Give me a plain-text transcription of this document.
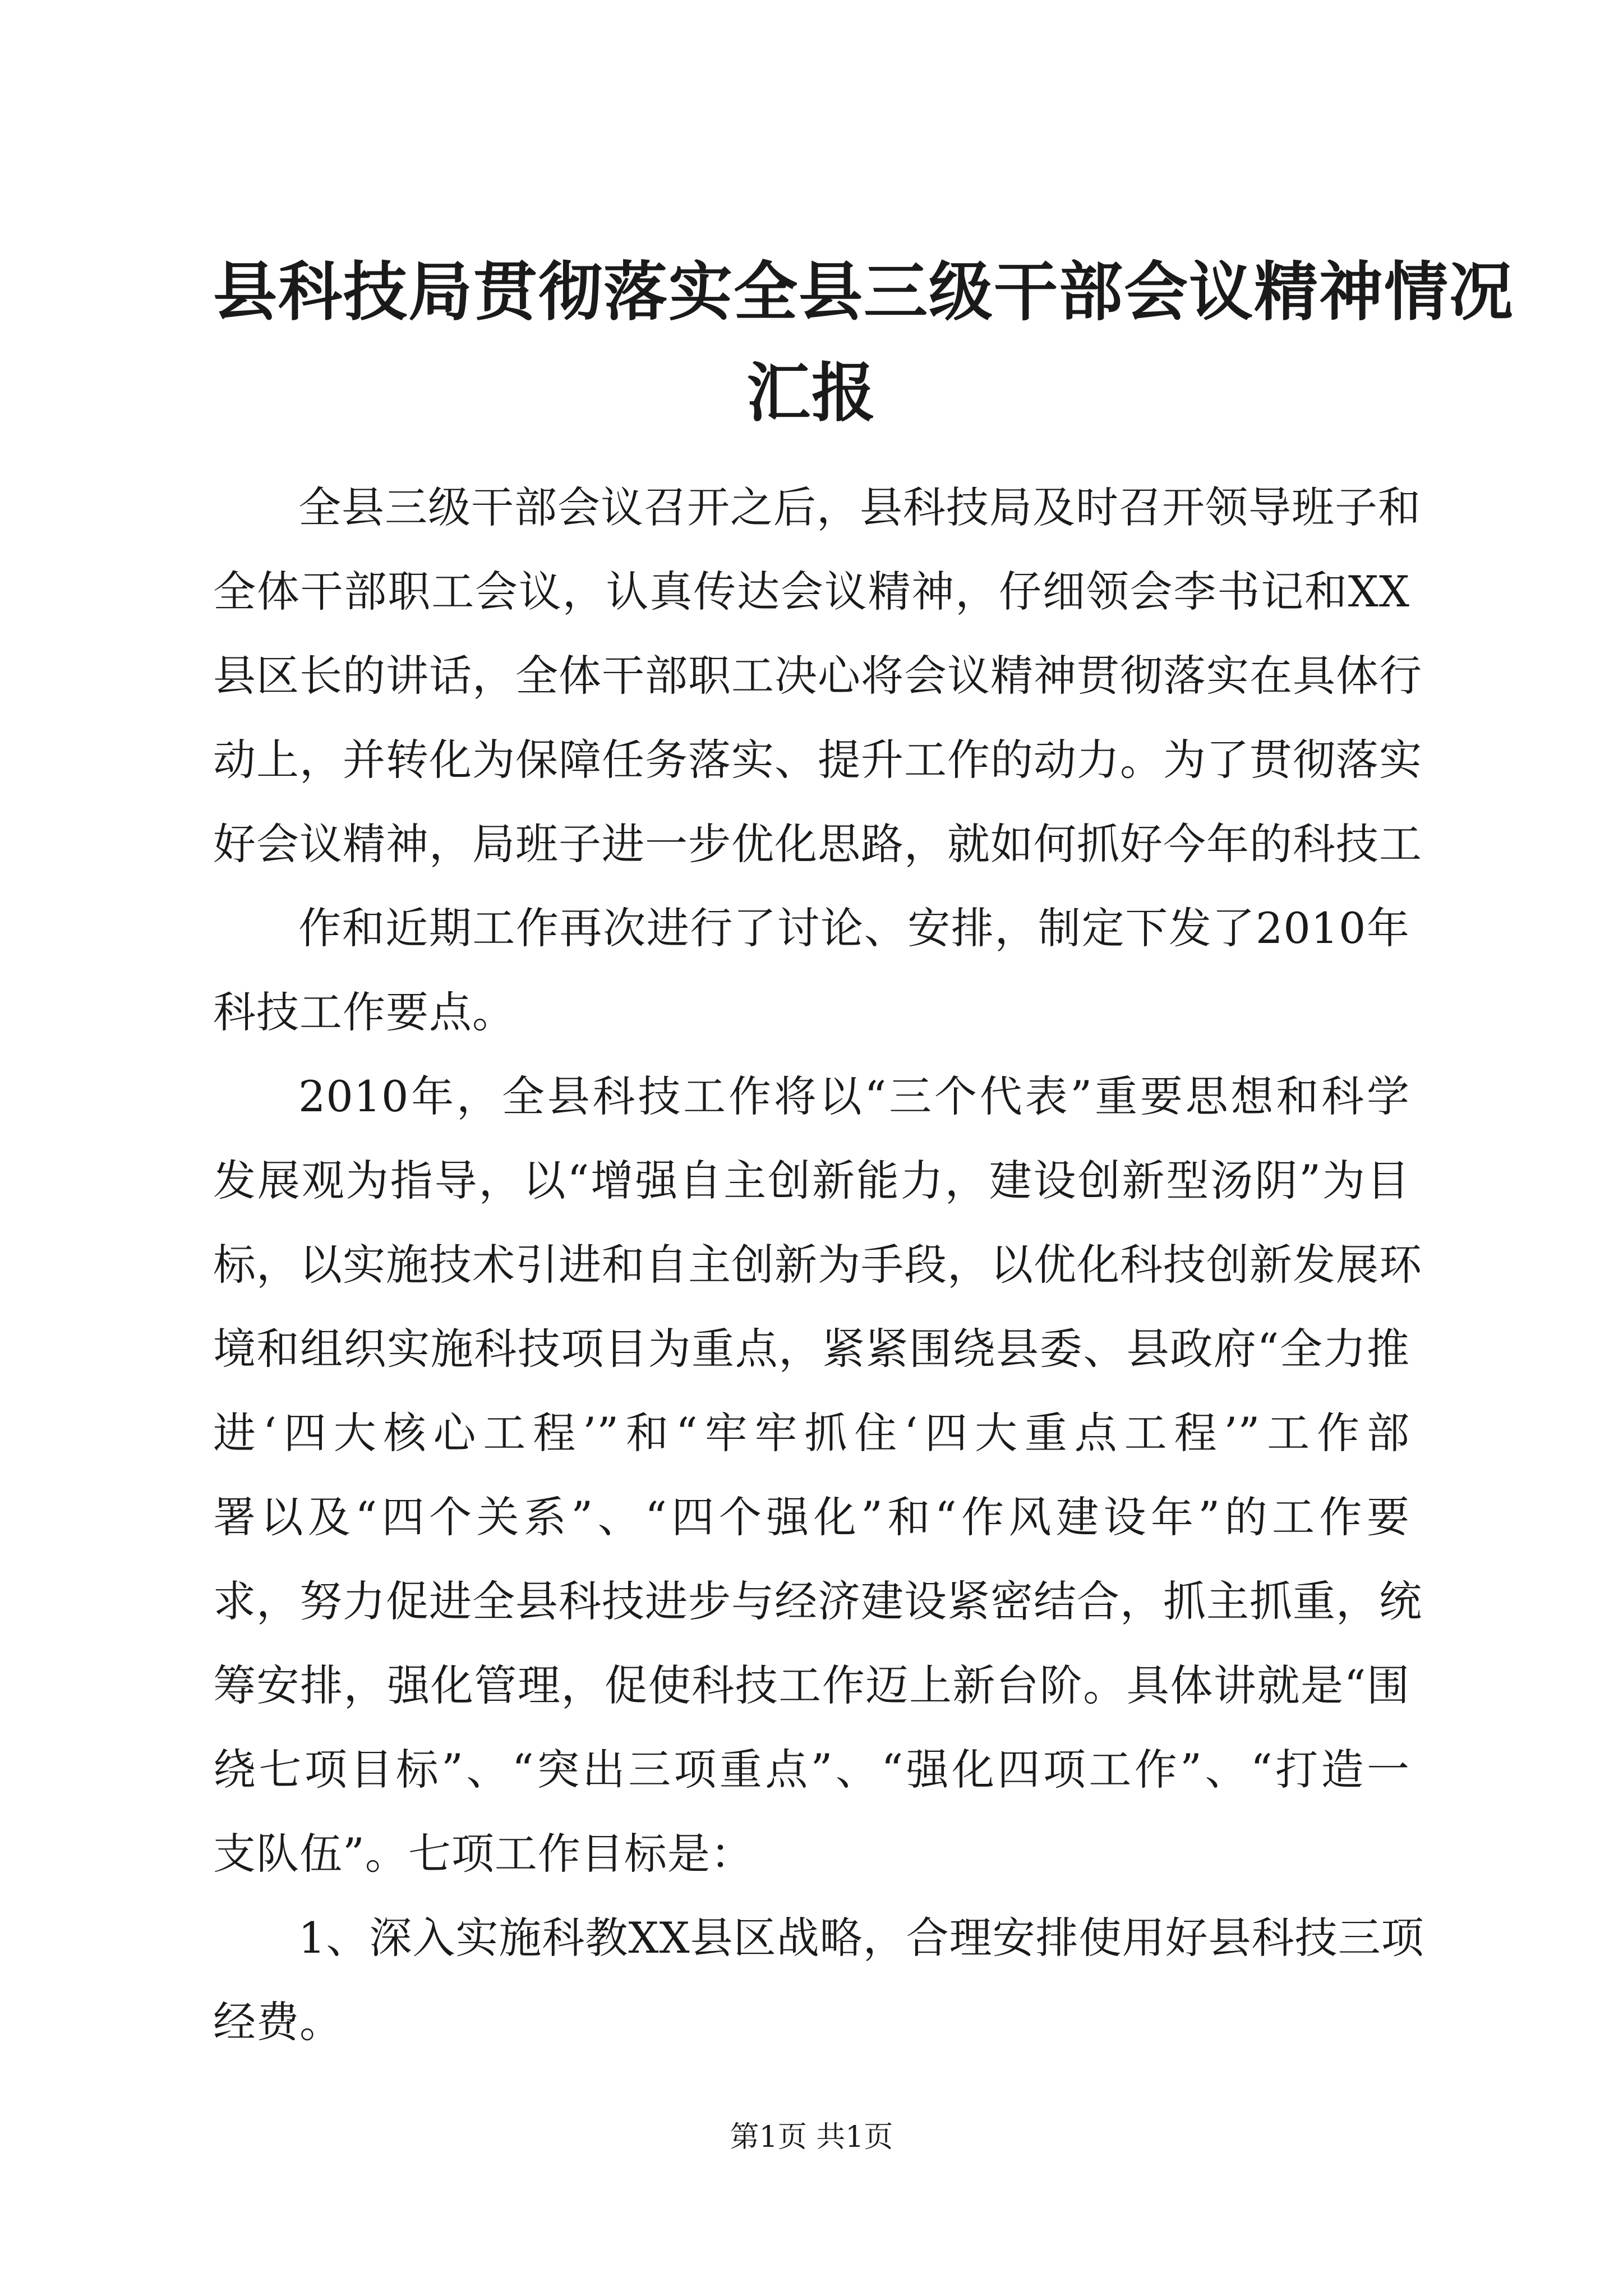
县科技局贯彻落实全县三级干部会议精神情况
汇报
全县三级干部会议召开之后，县科技局及时召开领导班子和
全体干部职工会议，认真传达会议精神，仔细领会李书记和XX
县区长的讲话，全体干部职工决心将会议精神贯彻落实在具体行
动上，并转化为保障任务落实、提升工作的动力。为了贯彻落实
好会议精神，局班子进一步优化思路，就如何抓好今年的科技工
作和近期工作再次进行了讨论、安排，制定下发了2010年
科技工作要点。
2010年，全县科技工作将以“三个代表”重要思想和科学
发展观为指导，以“增强自主创新能力，建设创新型汤阴”为目
标，以实施技术引进和自主创新为手段，以优化科技创新发展环
境和组织实施科技项目为重点，紧紧围绕县委、县政府“全力推
进‘四大核心工程’”和“牢牢抓住‘四大重点工程’”工作部
署以及“四个关系”、“四个强化”和“作风建设年”的工作要
求，努力促进全县科技进步与经济建设紧密结合，抓主抓重，统
筹安排，强化管理，促使科技工作迈上新台阶。具体讲就是“围
绕七项目标”、“突出三项重点”、“强化四项工作”、“打造一
支队伍”。七项工作目标是：
1、深入实施科教XX县区战略，合理安排使用好县科技三项
经费。
第1页 共1页
